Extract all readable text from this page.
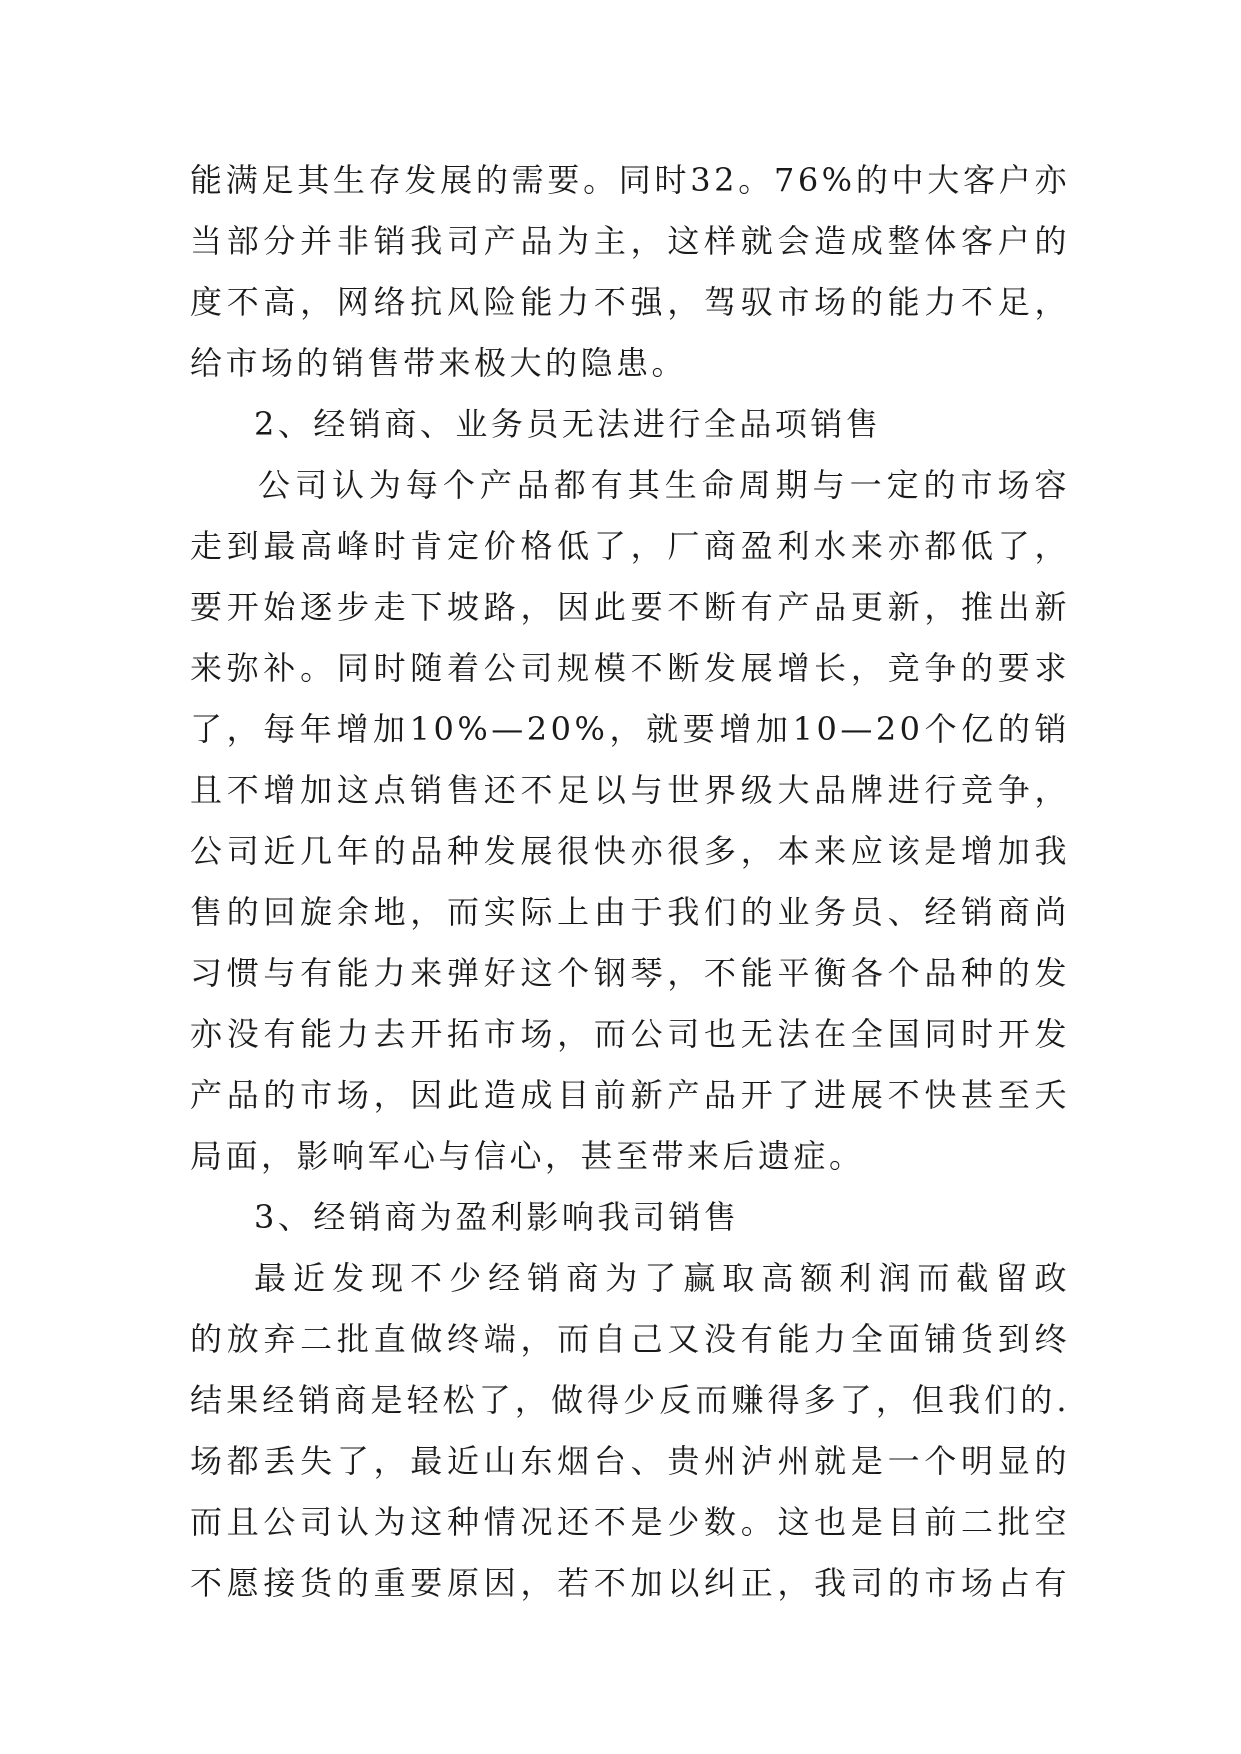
能满足其生存发展的需要。同时32。76%的中大客户亦
当部分并非销我司产品为主，这样就会造成整体客户的
度不高，网络抗风险能力不强，驾驭市场的能力不足，
给市场的销售带来极大的隐患。
2、经销商、业务员无法进行全品项销售
公司认为每个产品都有其生命周期与一定的市场容
走到最高峰时肯定价格低了，厂商盈利水来亦都低了，
要开始逐步走下坡路，因此要不断有产品更新，推出新
来弥补。同时随着公司规模不断发展增长，竞争的要求
了，每年增加10%—20%，就要增加10—20个亿的销
且不增加这点销售还不足以与世界级大品牌进行竞争，
公司近几年的品种发展很快亦很多，本来应该是增加我
售的回旋余地，而实际上由于我们的业务员、经销商尚
习惯与有能力来弹好这个钢琴，不能平衡各个品种的发
亦没有能力去开拓市场，而公司也无法在全国同时开发
产品的市场，因此造成目前新产品开了进展不快甚至夭
局面，影响军心与信心，甚至带来后遗症。
3、经销商为盈利影响我司销售
最近发现不少经销商为了赢取高额利润而截留政
的放弃二批直做终端，而自己又没有能力全面铺货到终
结果经销商是轻松了，做得少反而赚得多了，但我们的.
场都丢失了，最近山东烟台、贵州泸州就是一个明显的
而且公司认为这种情况还不是少数。这也是目前二批空
不愿接货的重要原因，若不加以纠正，我司的市场占有
